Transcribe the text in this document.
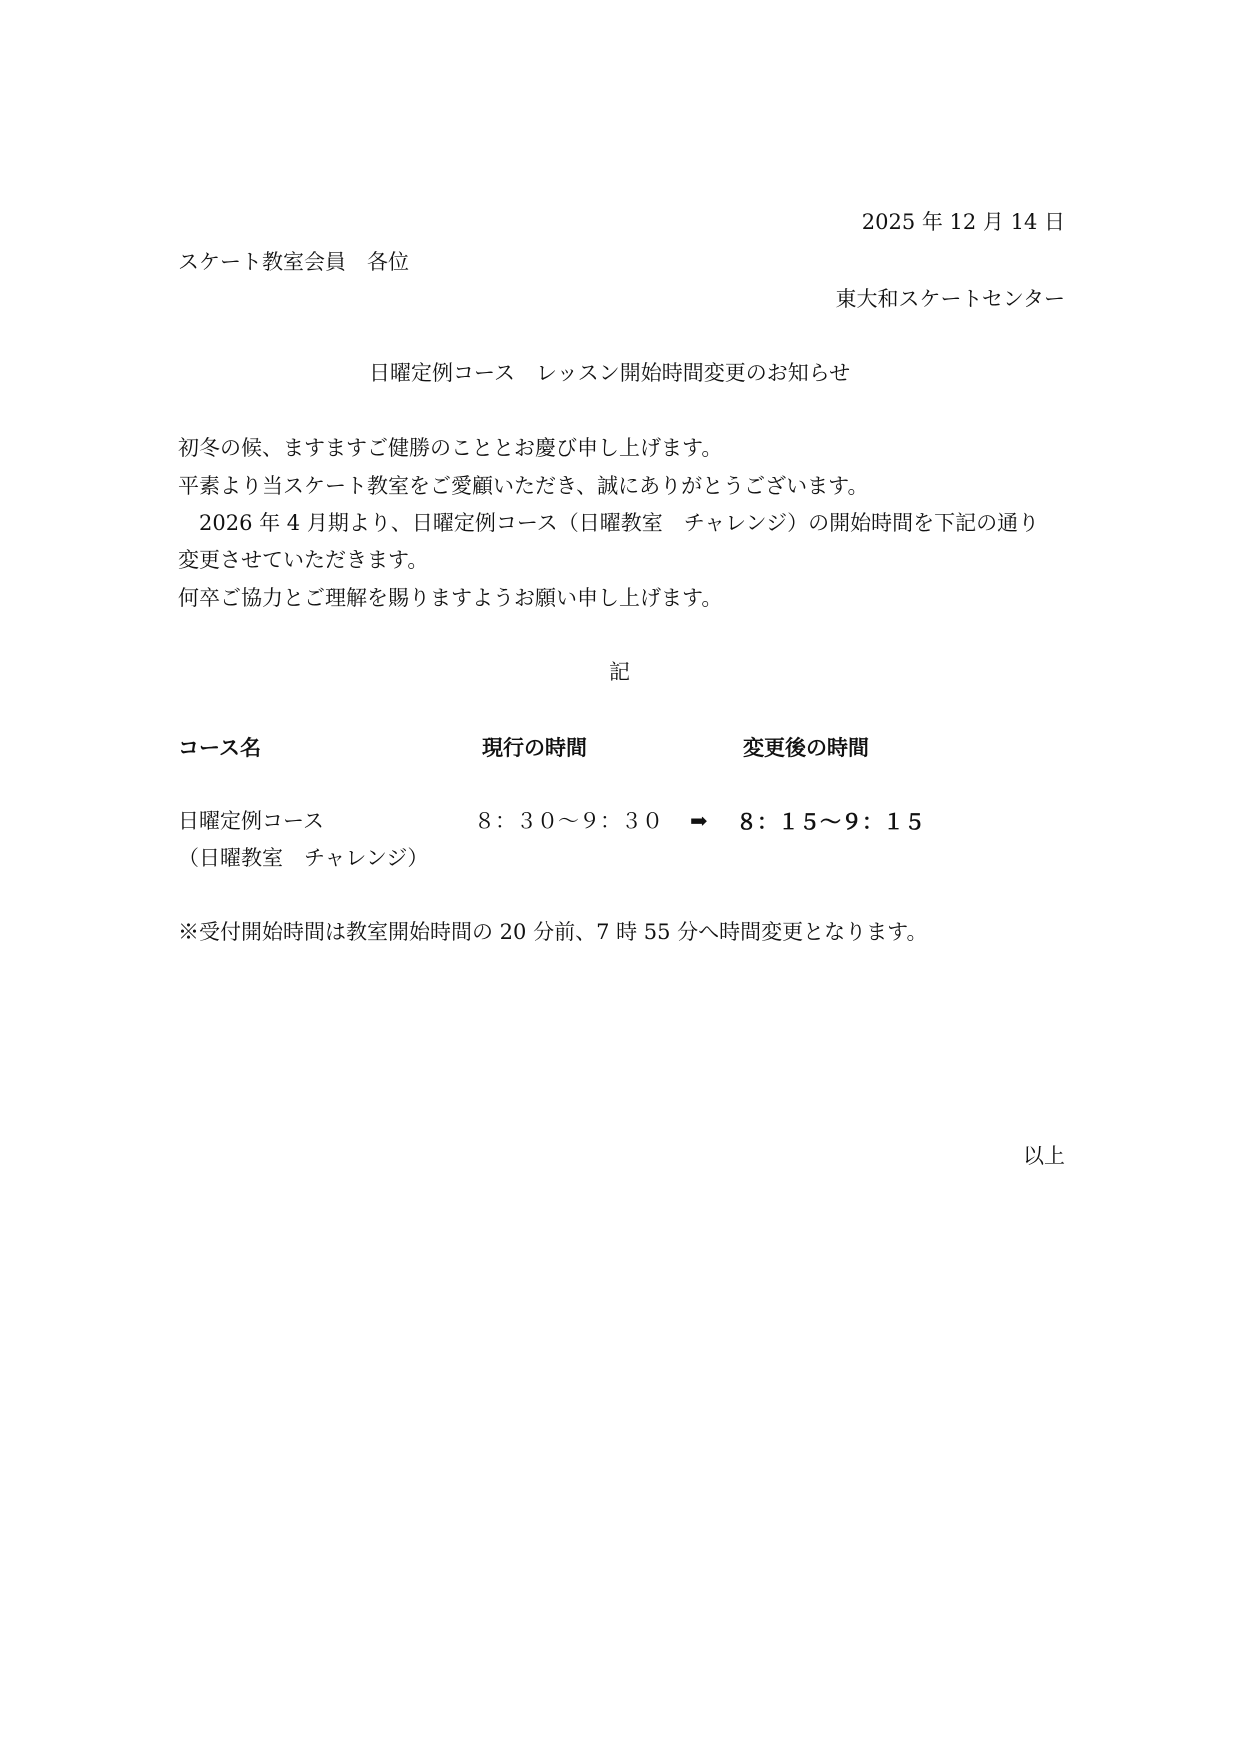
2025 年 12 月 14 日
スケート教室会員　各位
東大和スケートセンター
日曜定例コース　レッスン開始時間変更のお知らせ
初冬の候、ますますご健勝のこととお慶び申し上げます。
平素より当スケート教室をご愛顧いただき、誠にありがとうございます。
2026 年 4 月期より、日曜定例コース（日曜教室　チャレンジ）の開始時間を下記の通り
変更させていただきます。
何卒ご協力とご理解を賜りますようお願い申し上げます。
記
コース名	現行の時間	変更後の時間
日曜定例コース	８：３０～９：３０ ➡ ８：１５～９：１５
（日曜教室　チャレンジ）
※受付開始時間は教室開始時間の 20 分前、7 時 55 分へ時間変更となります。
以上
